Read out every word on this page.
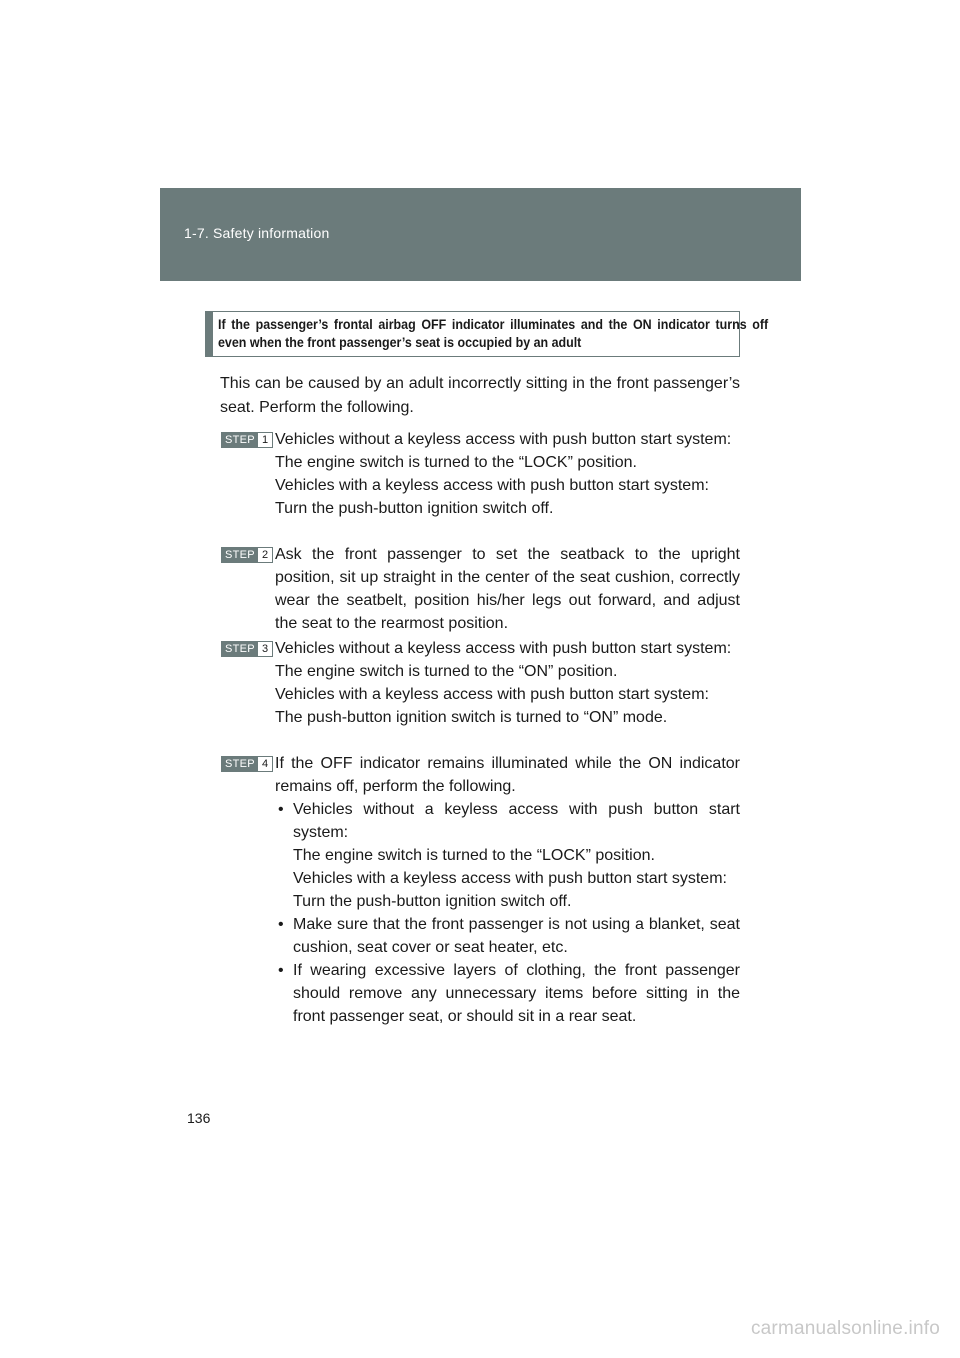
1-7. Safety information
If the passenger’s frontal airbag OFF indicator illuminates and the ON indicator turns off even when the front passenger’s seat is occupied by an adult
This can be caused by an adult incorrectly sitting in the front passenger’s seat. Perform the following.
STEP 1 Vehicles without a keyless access with push button start system:

The engine switch is turned to the “LOCK” position.

Vehicles with a keyless access with push button start system:

Turn the push-button ignition switch off.

STEP 2 Ask the front passenger to set the seatback to the upright position, sit up straight in the center of the seat cushion, correctly wear the seatbelt, position his/her legs out forward, and adjust the seat to the rearmost position.

STEP 3 Vehicles without a keyless access with push button start system:

The engine switch is turned to the “ON” position.

Vehicles with a keyless access with push button start system:

The push-button ignition switch is turned to “ON” mode.

STEP 4 If the OFF indicator remains illuminated while the ON indicator remains off, perform the following.

• Vehicles without a keyless access with push button start system:

The engine switch is turned to the “LOCK” position.

Vehicles with a keyless access with push button start system:

Turn the push-button ignition switch off.

• Make sure that the front passenger is not using a blanket, seat cushion, seat cover or seat heater, etc.

• If wearing excessive layers of clothing, the front passenger should remove any unnecessary items before sitting in the front passenger seat, or should sit in a rear seat.

136
carmanualsonline.info
